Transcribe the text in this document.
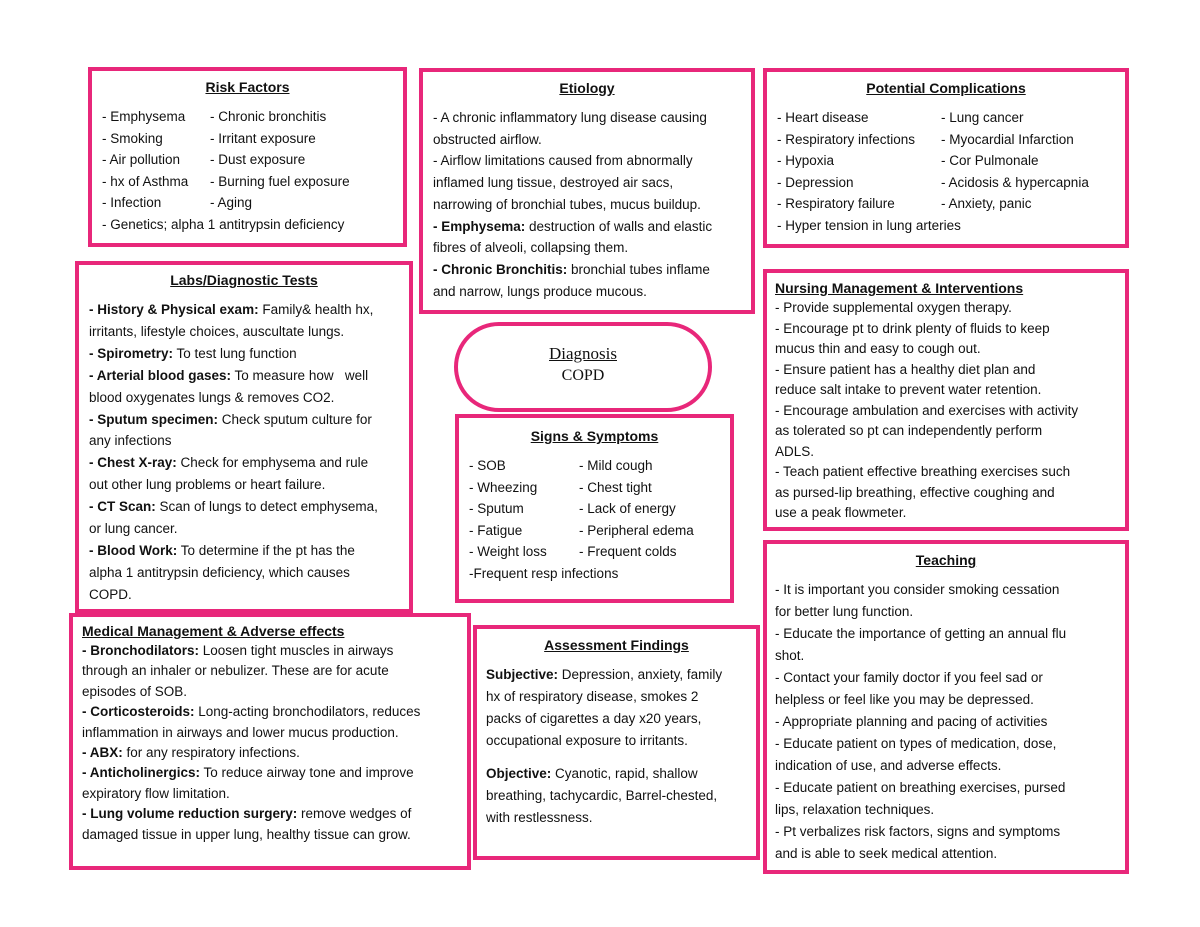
Risk Factors
- Emphysema
- Smoking
- Air pollution
- hx of Asthma
- Infection
- Chronic bronchitis
- Irritant exposure
- Dust exposure
- Burning fuel exposure
- Aging
- Genetics; alpha 1 antitrypsin deficiency
Etiology
- A chronic inflammatory lung disease causing
obstructed airflow.
- Airflow limitations caused from abnormally
inflamed lung tissue, destroyed air sacs,
narrowing of bronchial tubes, mucus buildup.
- Emphysema: destruction of walls and elastic
fibres of alveoli, collapsing them.
- Chronic Bronchitis: bronchial tubes inflame
and narrow, lungs produce mucous.
Potential Complications
- Heart disease
- Respiratory infections
- Hypoxia
- Depression
- Respiratory failure
- Lung cancer
- Myocardial Infarction
- Cor Pulmonale
- Acidosis & hypercapnia
- Anxiety, panic
- Hyper tension in lung arteries
Labs/Diagnostic Tests
- History & Physical exam: Family& health hx,
irritants, lifestyle choices, auscultate lungs.
- Spirometry: To test lung function
- Arterial blood gases: To measure how   well
blood oxygenates lungs & removes CO2.
- Sputum specimen: Check sputum culture for
any infections
- Chest X-ray: Check for emphysema and rule
out other lung problems or heart failure.
- CT Scan: Scan of lungs to detect emphysema,
or lung cancer.
- Blood Work: To determine if the pt has the
alpha 1 antitrypsin deficiency, which causes
COPD.
Diagnosis
COPD
Nursing Management & Interventions
- Provide supplemental oxygen therapy.
- Encourage pt to drink plenty of fluids to keep
mucus thin and easy to cough out.
- Ensure patient has a healthy diet plan and
reduce salt intake to prevent water retention.
- Encourage ambulation and exercises with activity
as tolerated so pt can independently perform
ADLS.
- Teach patient effective breathing exercises such
as pursed-lip breathing, effective coughing and
use a peak flowmeter.
Signs & Symptoms
- SOB
- Wheezing
- Sputum
- Fatigue
- Weight loss
- Mild cough
- Chest tight
- Lack of energy
- Peripheral edema
- Frequent colds
-Frequent resp infections
Medical Management & Adverse effects
- Bronchodilators: Loosen tight muscles in airways
through an inhaler or nebulizer. These are for acute
episodes of SOB.
- Corticosteroids: Long-acting bronchodilators, reduces
inflammation in airways and lower mucus production.
- ABX: for any respiratory infections.
- Anticholinergics: To reduce airway tone and improve
expiratory flow limitation.
- Lung volume reduction surgery: remove wedges of
damaged tissue in upper lung, healthy tissue can grow.
Assessment Findings
Subjective: Depression, anxiety, family
hx of respiratory disease, smokes 2
packs of cigarettes a day x20 years,
occupational exposure to irritants.
Objective: Cyanotic, rapid, shallow
breathing, tachycardic, Barrel-chested,
with restlessness.
Teaching
- It is important you consider smoking cessation
for better lung function.
- Educate the importance of getting an annual flu
shot.
- Contact your family doctor if you feel sad or
helpless or feel like you may be depressed.
- Appropriate planning and pacing of activities
- Educate patient on types of medication, dose,
indication of use, and adverse effects.
- Educate patient on breathing exercises, pursed
lips, relaxation techniques.
- Pt verbalizes risk factors, signs and symptoms
and is able to seek medical attention.
